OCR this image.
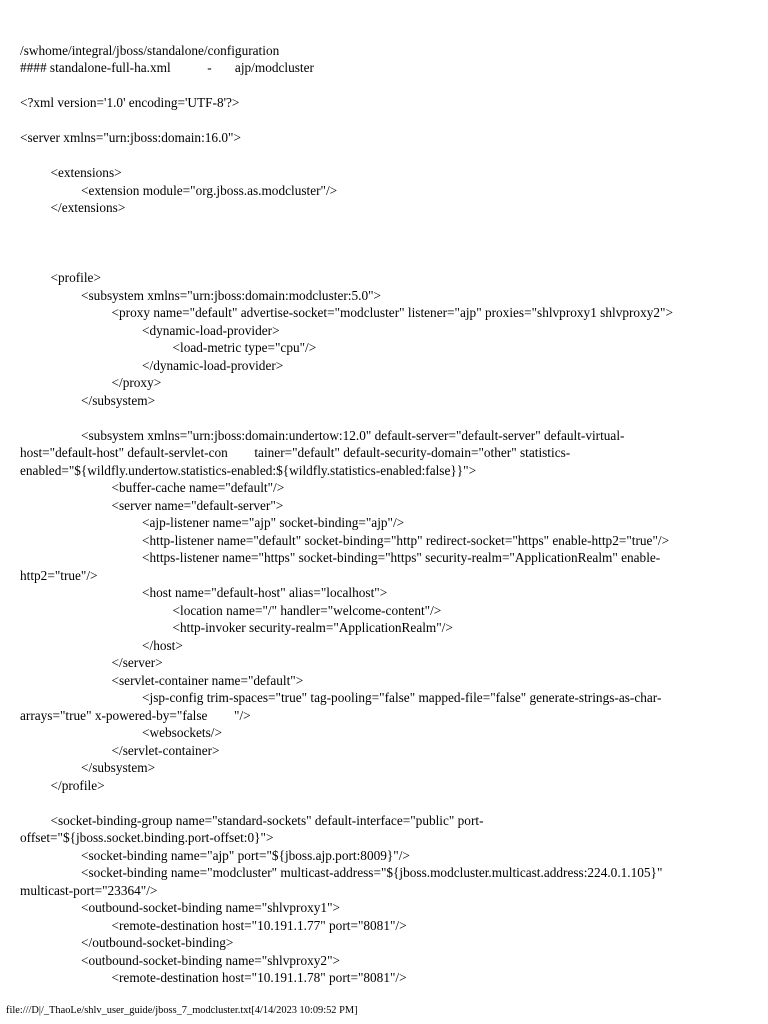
/swhome/integral/jboss/standalone/configuration
#### standalone-full-ha.xml           -       ajp/modcluster
<?xml version='1.0' encoding='UTF-8'?>
<server xmlns="urn:jboss:domain:16.0">
<extensions>
<extension module="org.jboss.as.modcluster"/>
</extensions>
<profile>
<subsystem xmlns="urn:jboss:domain:modcluster:5.0">
<proxy name="default" advertise-socket="modcluster" listener="ajp" proxies="shlvproxy1 shlvproxy2">
<dynamic-load-provider>
<load-metric type="cpu"/>
</dynamic-load-provider>
</proxy>
</subsystem>
<subsystem xmlns="urn:jboss:domain:undertow:12.0" default-server="default-server" default-virtual-
host="default-host" default-servlet-con        tainer="default" default-security-domain="other" statistics-
enabled="${wildfly.undertow.statistics-enabled:${wildfly.statistics-enabled:false}}">
<buffer-cache name="default"/>
<server name="default-server">
<ajp-listener name="ajp" socket-binding="ajp"/>
<http-listener name="default" socket-binding="http" redirect-socket="https" enable-http2="true"/>
<https-listener name="https" socket-binding="https" security-realm="ApplicationRealm" enable-
http2="true"/>
<host name="default-host" alias="localhost">
<location name="/" handler="welcome-content"/>
<http-invoker security-realm="ApplicationRealm"/>
</host>
</server>
<servlet-container name="default">
<jsp-config trim-spaces="true" tag-pooling="false" mapped-file="false" generate-strings-as-char-
arrays="true" x-powered-by="false        "/>
<websockets/>
</servlet-container>
</subsystem>
</profile>
<socket-binding-group name="standard-sockets" default-interface="public" port-
offset="${jboss.socket.binding.port-offset:0}">
<socket-binding name="ajp" port="${jboss.ajp.port:8009}"/>
<socket-binding name="modcluster" multicast-address="${jboss.modcluster.multicast.address:224.0.1.105}"
multicast-port="23364"/>
<outbound-socket-binding name="shlvproxy1">
<remote-destination host="10.191.1.77" port="8081"/>
</outbound-socket-binding>
<outbound-socket-binding name="shlvproxy2">
<remote-destination host="10.191.1.78" port="8081"/>
file:///D|/_ThaoLe/shlv_user_guide/jboss_7_modcluster.txt[4/14/2023 10:09:52 PM]
